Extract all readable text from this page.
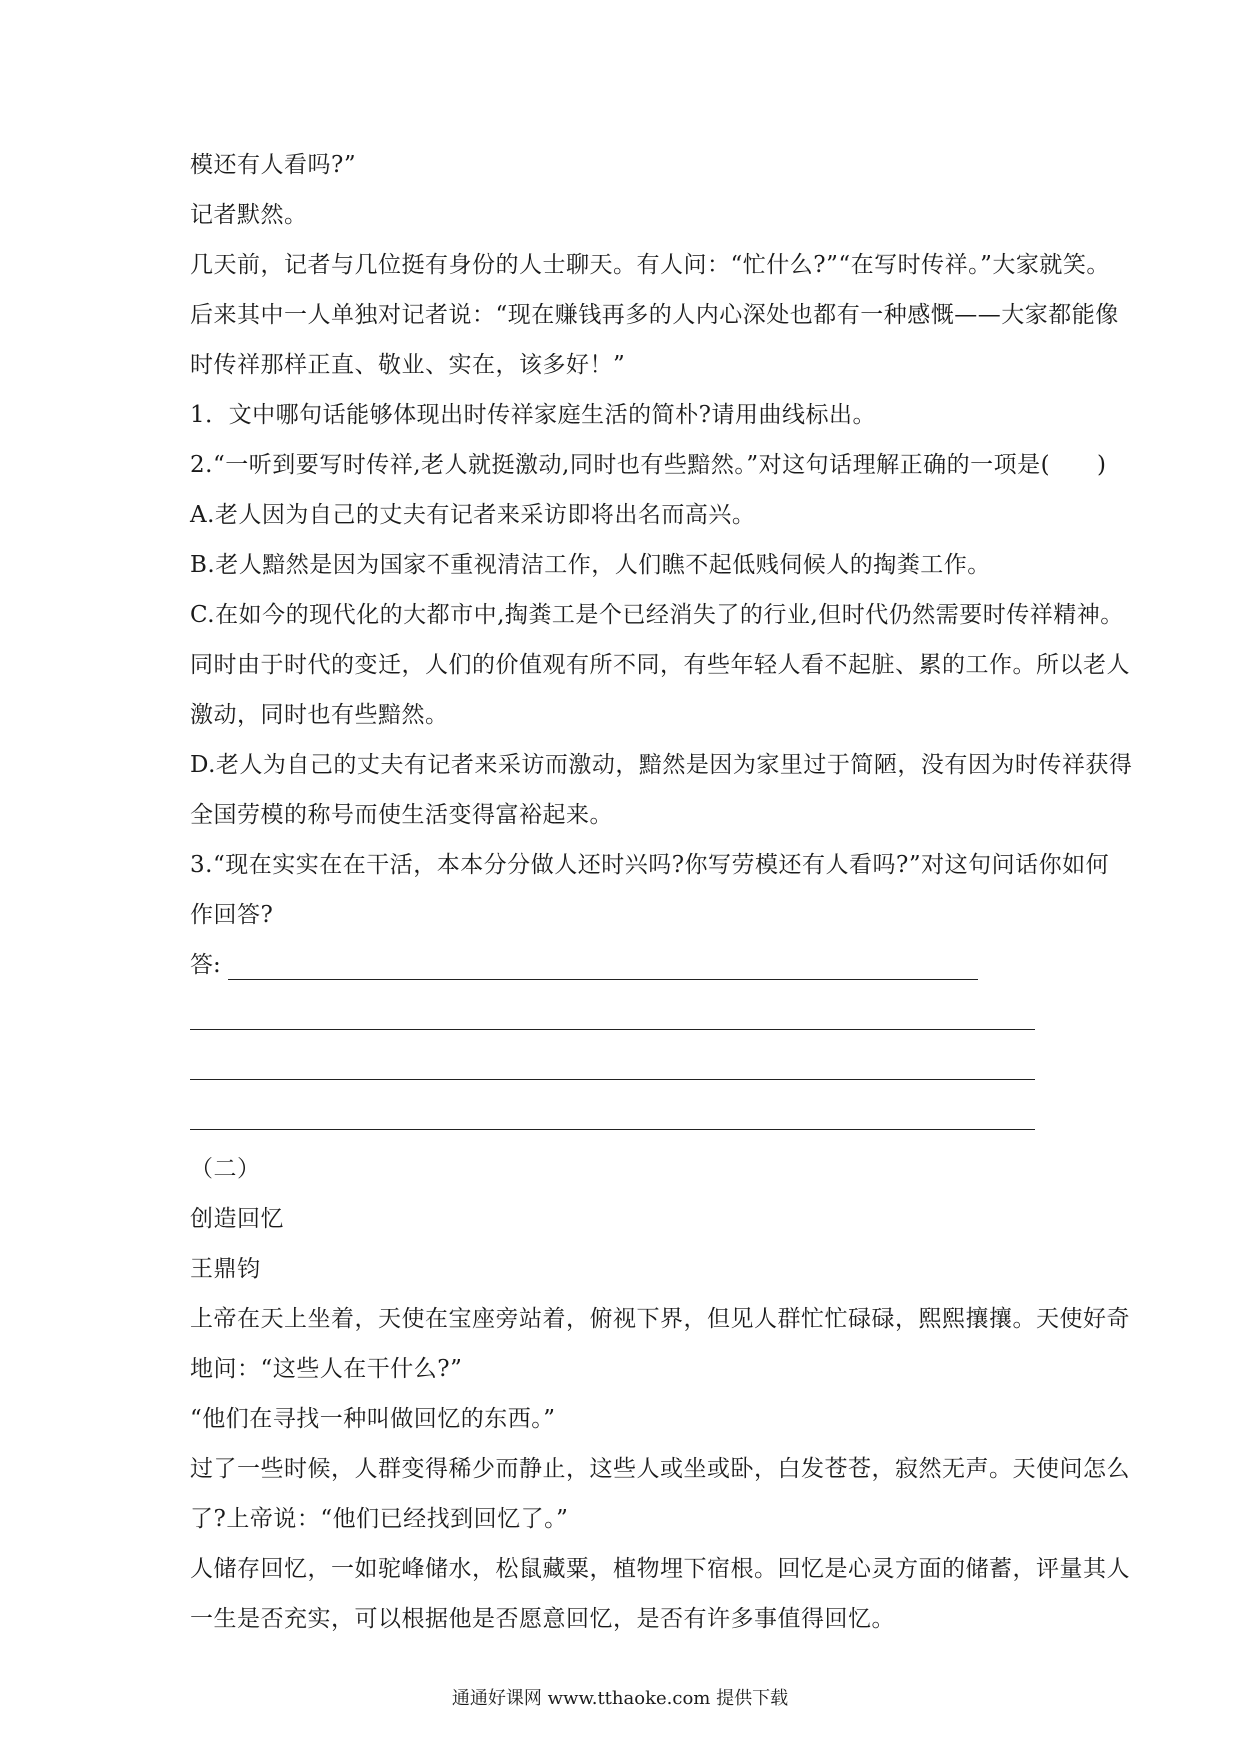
模还有人看吗?”
记者默然。
几天前，记者与几位挺有身份的人士聊天。有人问：“忙什么?”“在写时传祥。”大家就笑。
后来其中一人单独对记者说：“现在赚钱再多的人内心深处也都有一种感慨——大家都能像
时传祥那样正直、敬业、实在，该多好！”
1．文中哪句话能够体现出时传祥家庭生活的简朴?请用曲线标出。
2.“一听到要写时传祥,老人就挺激动,同时也有些黯然。”对这句话理解正确的一项是(　　)
A.老人因为自己的丈夫有记者来采访即将出名而高兴。
B.老人黯然是因为国家不重视清洁工作，人们瞧不起低贱伺候人的掏粪工作。
C.在如今的现代化的大都市中,掏粪工是个已经消失了的行业,但时代仍然需要时传祥精神。
同时由于时代的变迁，人们的价值观有所不同，有些年轻人看不起脏、累的工作。所以老人
激动，同时也有些黯然。
D.老人为自己的丈夫有记者来采访而激动，黯然是因为家里过于简陋，没有因为时传祥获得
全国劳模的称号而使生活变得富裕起来。
3.“现在实实在在干活，本本分分做人还时兴吗?你写劳模还有人看吗?”对这句问话你如何
作回答?
答:
（二）
创造回忆
王鼎钧
上帝在天上坐着，天使在宝座旁站着，俯视下界，但见人群忙忙碌碌，熙熙攘攘。天使好奇
地问：“这些人在干什么?”
“他们在寻找一种叫做回忆的东西。”
过了一些时候，人群变得稀少而静止，这些人或坐或卧，白发苍苍，寂然无声。天使问怎么
了?上帝说：“他们已经找到回忆了。”
人储存回忆，一如驼峰储水，松鼠藏粟，植物埋下宿根。回忆是心灵方面的储蓄，评量其人
一生是否充实，可以根据他是否愿意回忆，是否有许多事值得回忆。
通通好课网 www.tthaoke.com 提供下载
